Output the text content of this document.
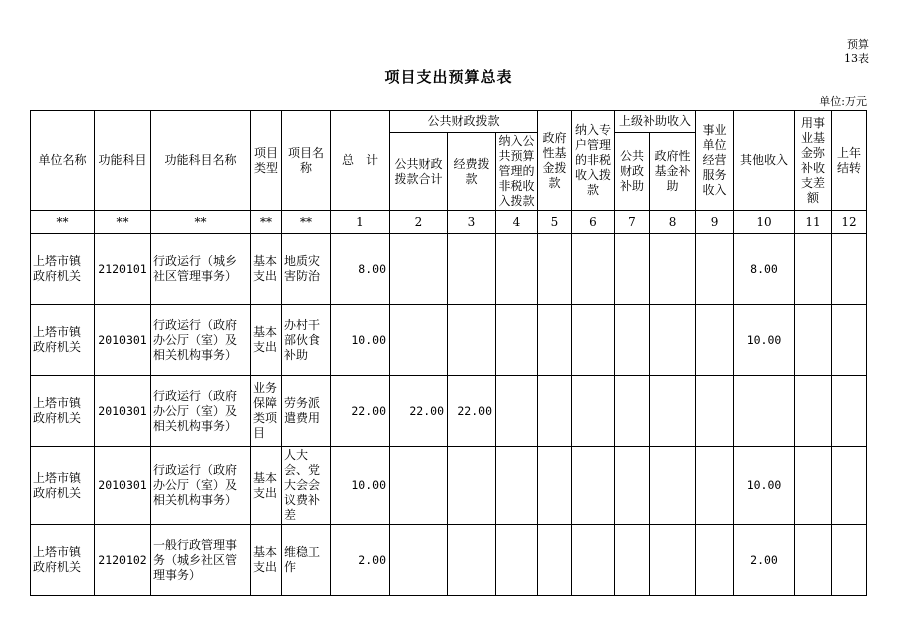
预算
13表
项目支出预算总表
单位:万元
单位名称	功能科目	功能科目名称	项目类型	项目名称	总　计	公共财政拨款			政府性基金拨款	纳入专户管理的非税收入拨款	上级补助收入		事业单位经营服务收入	其他收入	用事业基金弥补收支差额	上年结转
						公共财政拨款合计	经费拨款	纳入公共预算管理的非税收入拨款			公共财政补助	政府性基金补助				
**	**	**	**	**	1	2	3	4	5	6	7	8	9	10	11	12
上塔市镇政府机关	2120101	行政运行（城乡社区管理事务）	基本支出	地质灾害防治	8.00									8.00		
上塔市镇政府机关	2010301	行政运行（政府办公厅（室）及相关机构事务）	基本支出	办村干部伙食补助	10.00									10.00		
上塔市镇政府机关	2010301	行政运行（政府办公厅（室）及相关机构事务）	业务保障类项目	劳务派遣费用	22.00	22.00	22.00									
上塔市镇政府机关	2010301	行政运行（政府办公厅（室）及相关机构事务）	基本支出	人大会、党大会会议费补差	10.00									10.00		
上塔市镇政府机关	2120102	一般行政管理事务（城乡社区管理事务）	基本支出	维稳工作	2.00									2.00		
